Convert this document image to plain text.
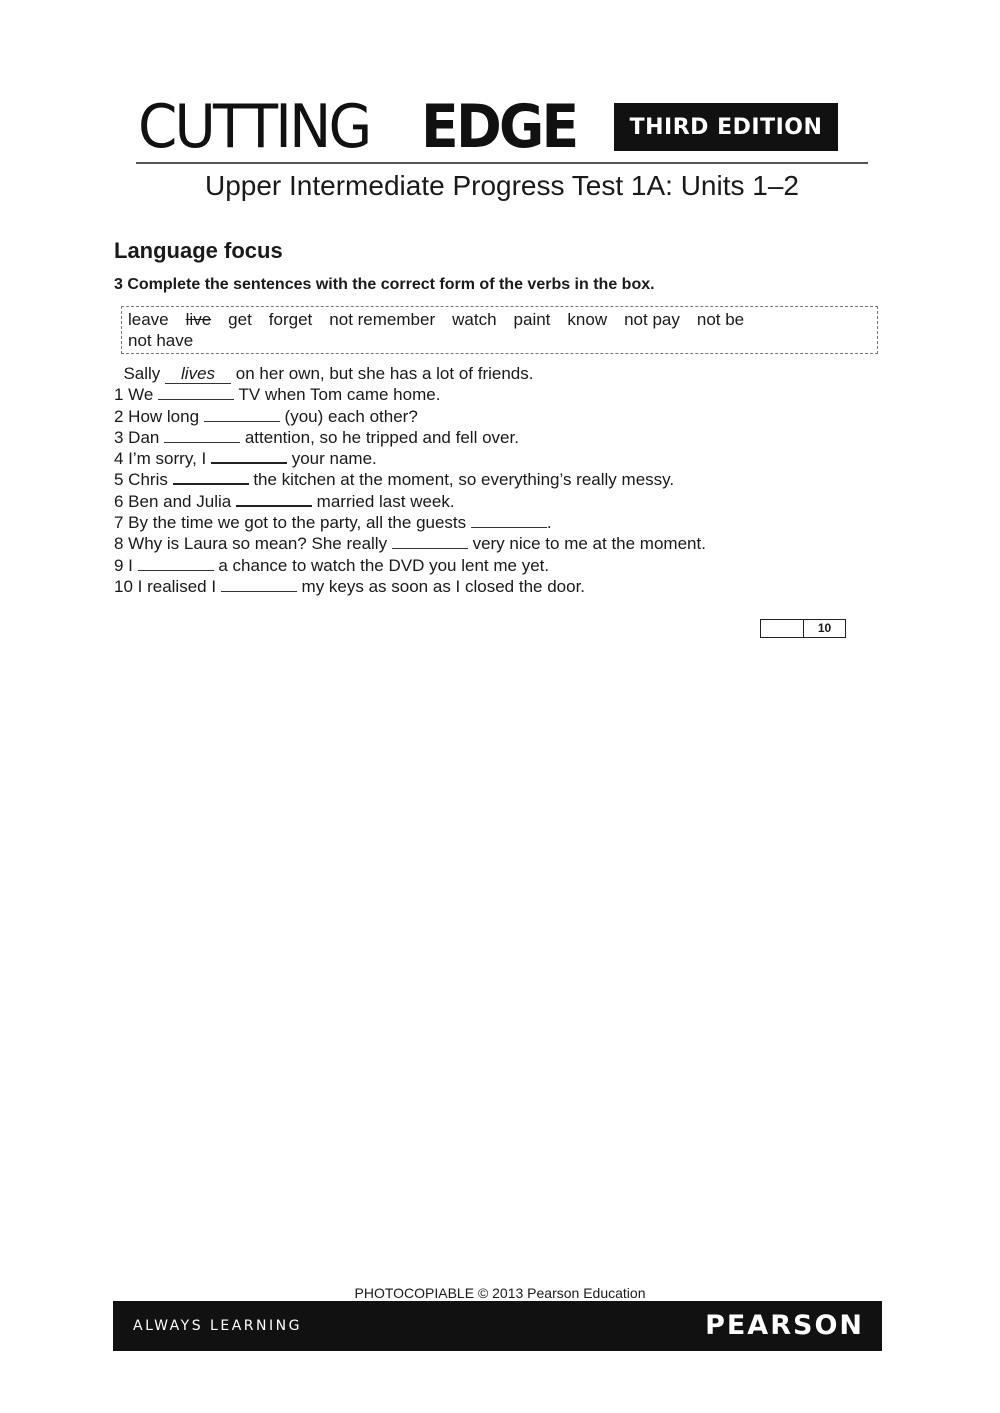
CUTTING EDGE	THIRD EDITION
Upper Intermediate Progress Test 1A: Units 1–2
Language focus
3 Complete the sentences with the correct form of the verbs in the box.
leave live get forget not remember watch paint know not pay not be
not have
Sally lives on her own, but she has a lot of friends.
1 We	TV when Tom came home.
2 How long	(you) each other?
3 Dan	attention, so he tripped and fell over.
4 I’m sorry, I	your name.
5 Chris	the kitchen at the moment, so everything’s really messy.
6 Ben and Julia	married last week.
7 By the time we got to the party, all the guests	.
8 Why is Laura so mean? She really	very nice to me at the moment.
9 I	a chance to watch the DVD you lent me yet.
10 I realised I	my keys as soon as I closed the door.
10
PHOTOCOPIABLE © 2013 Pearson Education
ALWAYS LEARNING	PEARSON
